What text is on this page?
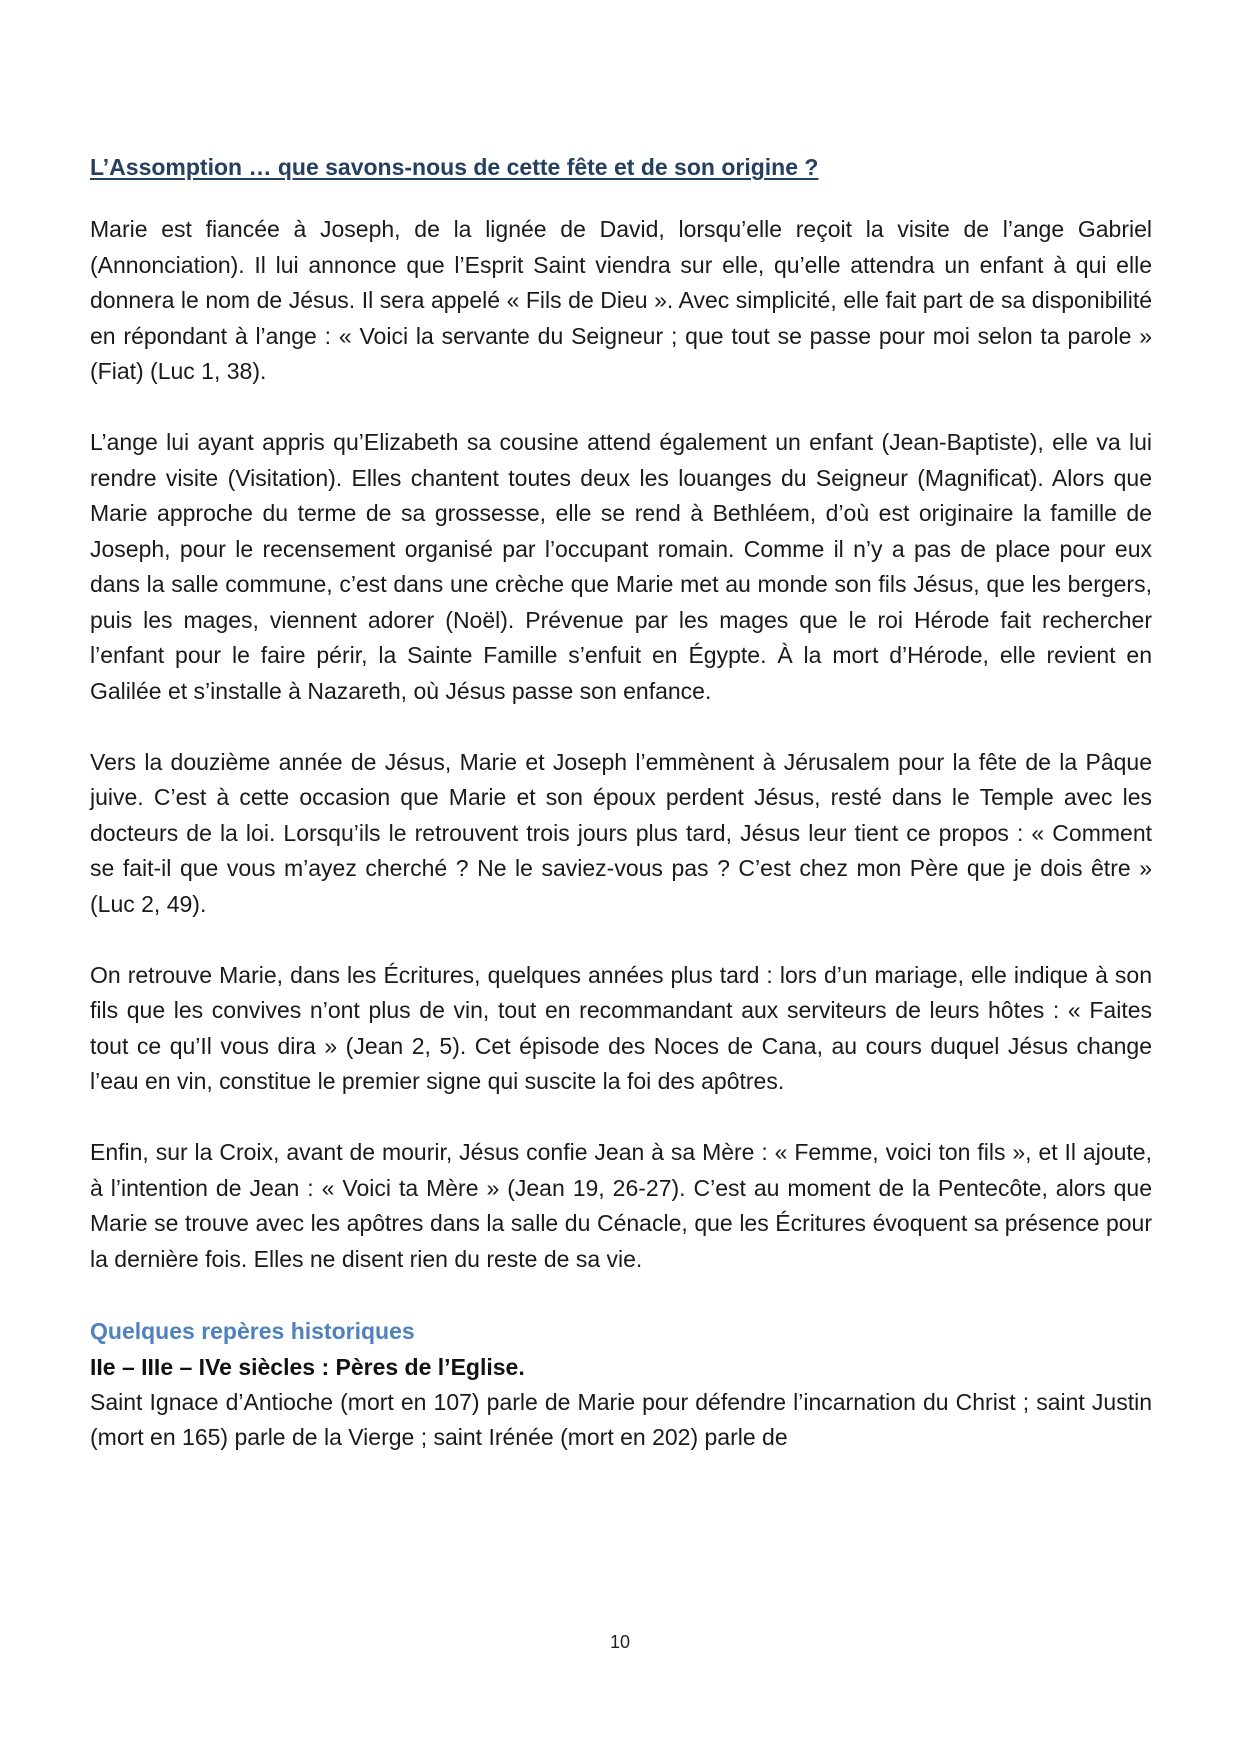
L’Assomption … que savons-nous de cette fête et de son origine ?

Marie est fiancée à Joseph, de la lignée de David, lorsqu’elle reçoit la visite de l’ange Gabriel (Annonciation). Il lui annonce que l’Esprit Saint viendra sur elle, qu’elle attendra un enfant à qui elle donnera le nom de Jésus. Il sera appelé « Fils de Dieu ». Avec simplicité, elle fait part de sa disponibilité en répondant à l’ange : « Voici la servante du Seigneur ; que tout se passe pour moi selon ta parole » (Fiat) (Luc 1, 38).

L’ange lui ayant appris qu’Elizabeth sa cousine attend également un enfant (Jean-Baptiste), elle va lui rendre visite (Visitation). Elles chantent toutes deux les louanges du Seigneur (Magnificat). Alors que Marie approche du terme de sa grossesse, elle se rend à Bethléem, d’où est originaire la famille de Joseph, pour le recensement organisé par l’occupant romain. Comme il n’y a pas de place pour eux dans la salle commune, c’est dans une crèche que Marie met au monde son fils Jésus, que les bergers, puis les mages, viennent adorer (Noël). Prévenue par les mages que le roi Hérode fait rechercher l’enfant pour le faire périr, la Sainte Famille s’enfuit en Égypte. À la mort d’Hérode, elle revient en Galilée et s’installe à Nazareth, où Jésus passe son enfance.

Vers la douzième année de Jésus, Marie et Joseph l’emmènent à Jérusalem pour la fête de la Pâque juive. C’est à cette occasion que Marie et son époux perdent Jésus, resté dans le Temple avec les docteurs de la loi. Lorsqu’ils le retrouvent trois jours plus tard, Jésus leur tient ce propos : « Comment se fait-il que vous m’ayez cherché ? Ne le saviez-vous pas ? C’est chez mon Père que je dois être » (Luc 2, 49).

On retrouve Marie, dans les Écritures, quelques années plus tard : lors d’un mariage, elle indique à son fils que les convives n’ont plus de vin, tout en recommandant aux serviteurs de leurs hôtes : « Faites tout ce qu’Il vous dira » (Jean 2, 5). Cet épisode des Noces de Cana, au cours duquel Jésus change l’eau en vin, constitue le premier signe qui suscite la foi des apôtres.

Enfin, sur la Croix, avant de mourir, Jésus confie Jean à sa Mère : « Femme, voici ton fils », et Il ajoute, à l’intention de Jean : « Voici ta Mère » (Jean 19, 26-27). C’est au moment de la Pentecôte, alors que Marie se trouve avec les apôtres dans la salle du Cénacle, que les Écritures évoquent sa présence pour la dernière fois. Elles ne disent rien du reste de sa vie.

Quelques repères historiques
IIe – IIIe – IVe siècles : Pères de l’Eglise.

Saint Ignace d’Antioche (mort en 107) parle de Marie pour défendre l’incarnation du Christ ; saint Justin (mort en 165) parle de la Vierge ; saint Irénée (mort en 202) parle de

10
